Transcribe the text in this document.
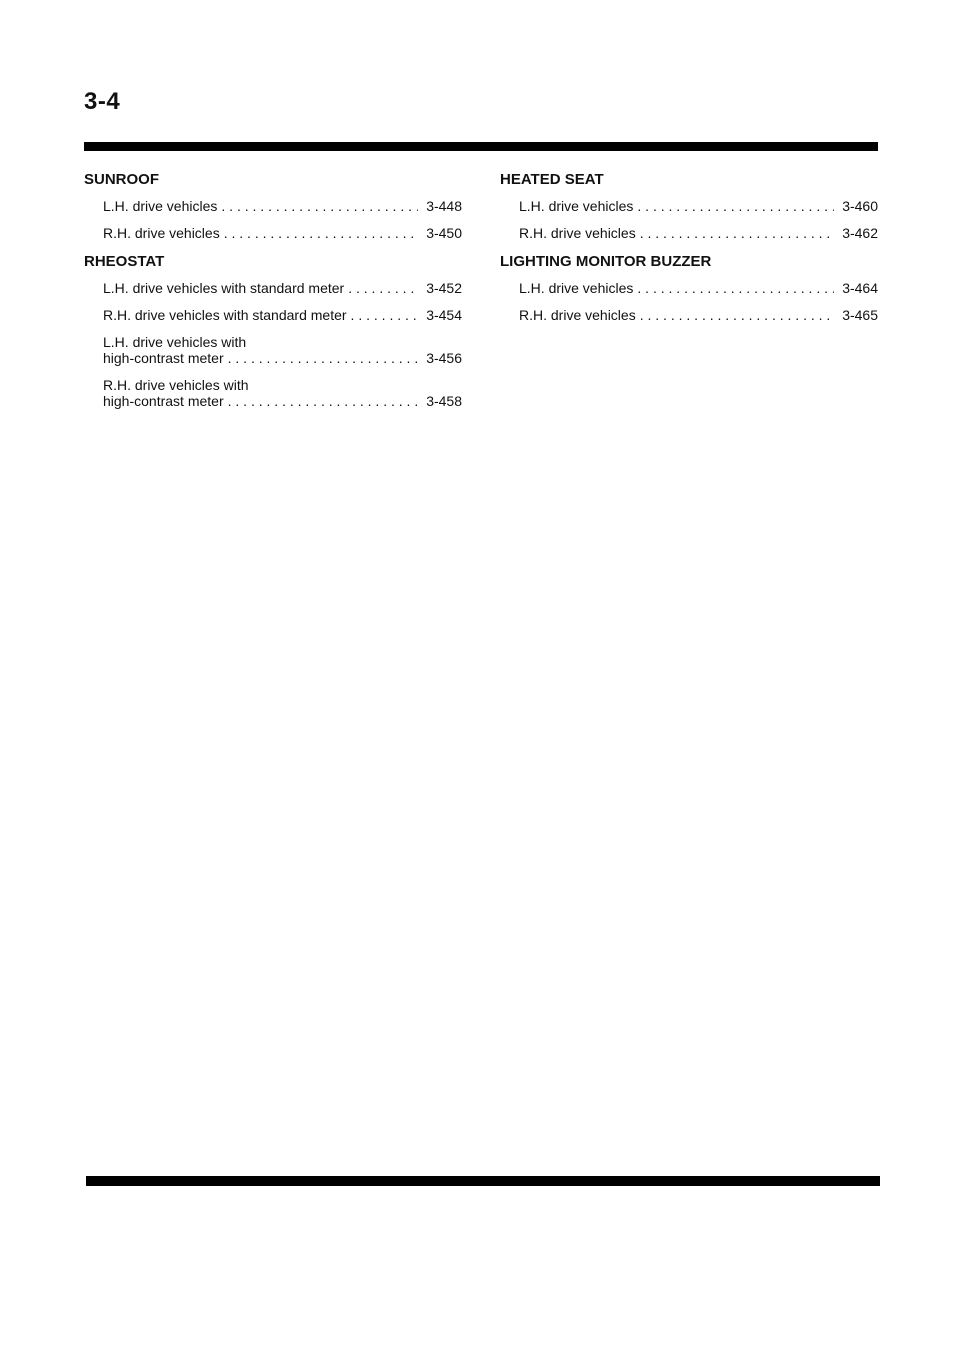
3-4
SUNROOF
L.H. drive vehicles . . .	3-448
R.H. drive vehicles . . .	3-450
RHEOSTAT
L.H. drive vehicles with standard meter . . .	3-452
R.H. drive vehicles with standard meter . . .	3-454
L.H. drive vehicles with
high-contrast meter . . .	3-456
R.H. drive vehicles with
high-contrast meter . . .	3-458
HEATED SEAT
L.H. drive vehicles . . .	3-460
R.H. drive vehicles . . .	3-462
LIGHTING MONITOR BUZZER
L.H. drive vehicles . . .	3-464
R.H. drive vehicles . . .	3-465
